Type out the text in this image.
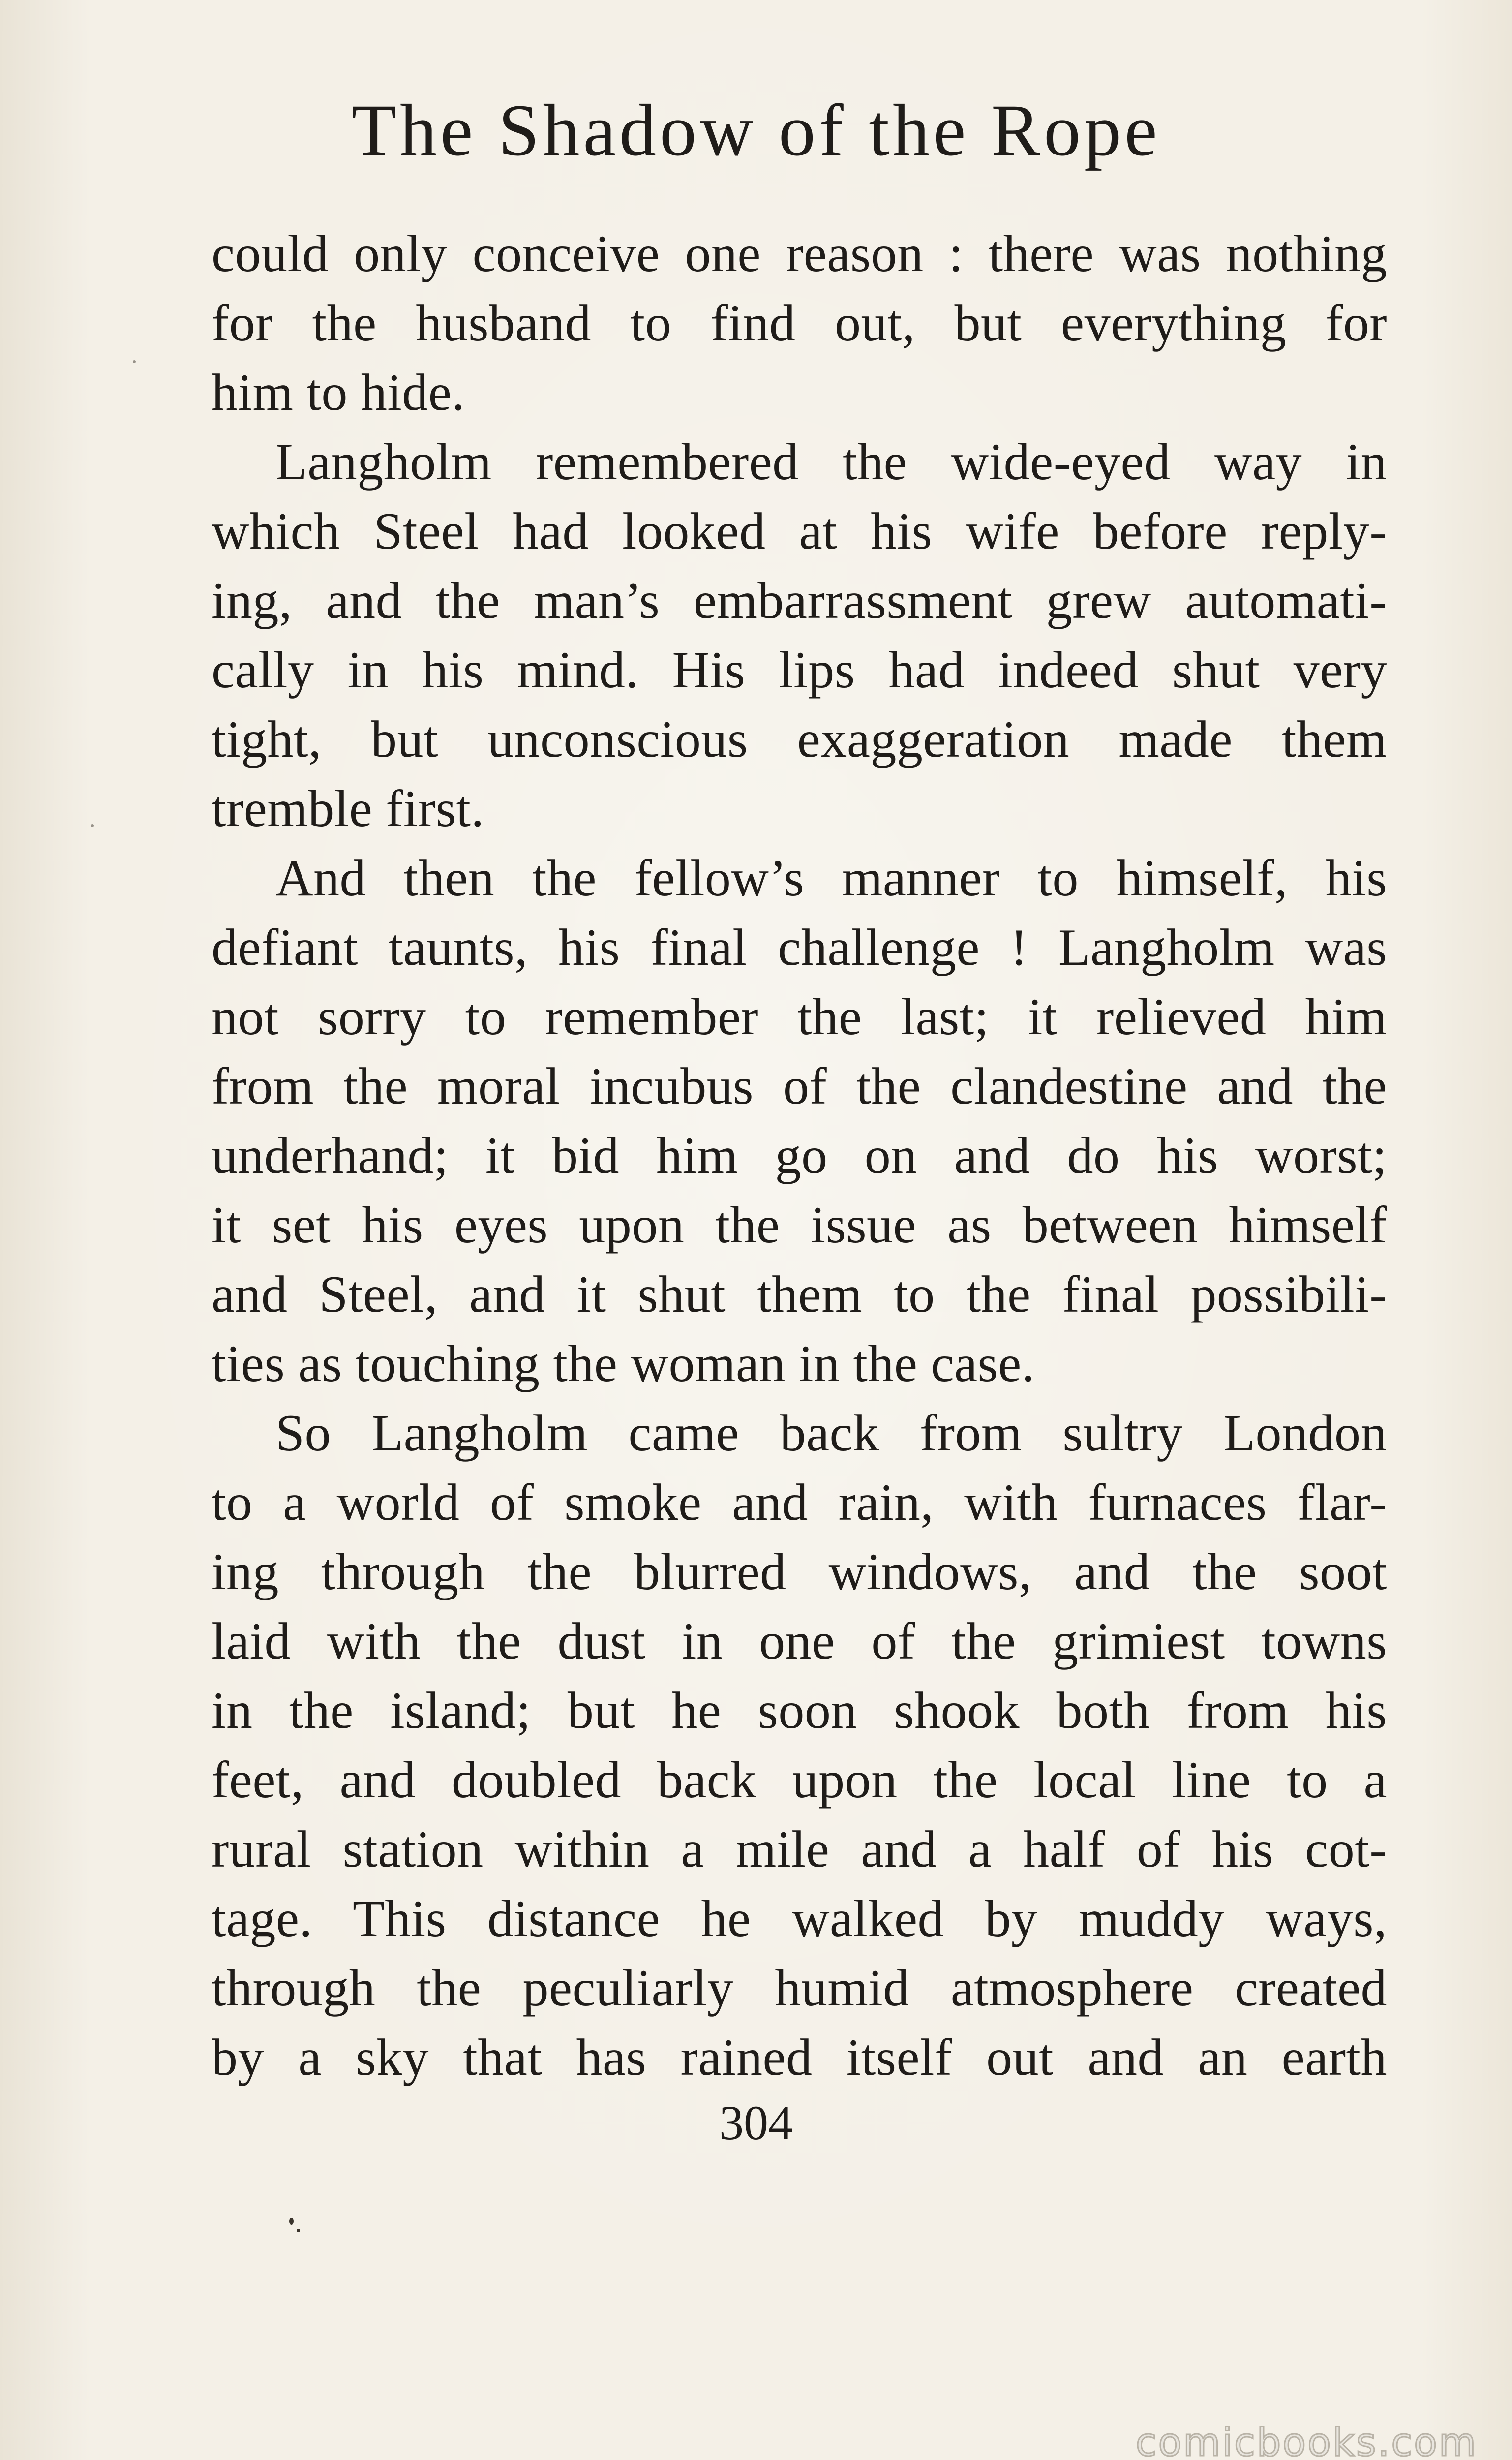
The Shadow of the Rope
could only conceive one reason : there was nothing
for the husband to find out, but everything for
him to hide.
Langholm remembered the wide-eyed way in
which Steel had looked at his wife before reply-
ing, and the man’s embarrassment grew automati-
cally in his mind. His lips had indeed shut very
tight, but unconscious exaggeration made them
tremble first.
And then the fellow’s manner to himself, his
defiant taunts, his final challenge ! Langholm was
not sorry to remember the last; it relieved him
from the moral incubus of the clandestine and the
underhand; it bid him go on and do his worst;
it set his eyes upon the issue as between himself
and Steel, and it shut them to the final possibili-
ties as touching the woman in the case.
So Langholm came back from sultry London
to a world of smoke and rain, with furnaces flar-
ing through the blurred windows, and the soot
laid with the dust in one of the grimiest towns
in the island; but he soon shook both from his
feet, and doubled back upon the local line to a
rural station within a mile and a half of his cot-
tage. This distance he walked by muddy ways,
through the peculiarly humid atmosphere created
by a sky that has rained itself out and an earth
304
comicbooks.com
